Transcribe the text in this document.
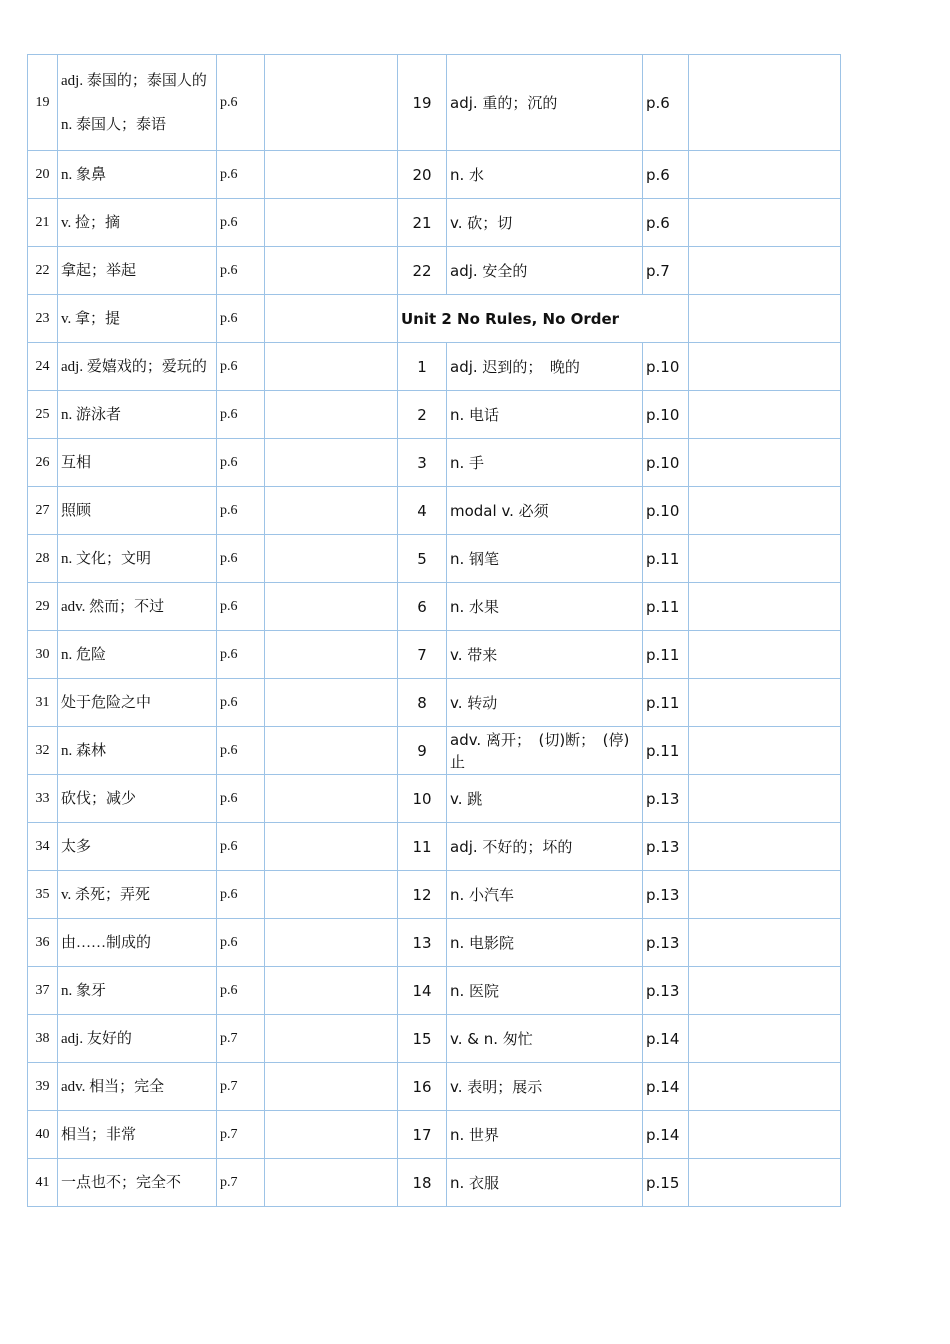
19	adj. 泰国的；泰国人的

n. 泰国人；泰语	p.6		19	adj. 重的；沉的	p.6	
20	n. 象鼻	p.6		20	n. 水	p.6	
21	v. 捡；摘	p.6		21	v. 砍；切	p.6	
22	拿起；举起	p.6		22	adj. 安全的	p.7	
23	v. 拿；提	p.6		Unit 2 No Rules, No Order			
24	adj. 爱嬉戏的；爱玩的	p.6		1	adj. 迟到的；　晚的	p.10	
25	n. 游泳者	p.6		2	n. 电话	p.10	
26	互相	p.6		3	n. 手	p.10	
27	照顾	p.6		4	modal v. 必须	p.10	
28	n. 文化；文明	p.6		5	n. 钢笔	p.11	
29	adv. 然而；不过	p.6		6	n. 水果	p.11	
30	n. 危险	p.6		7	v. 带来	p.11	
31	处于危险之中	p.6		8	v. 转动	p.11	
32	n. 森林	p.6		9	adv. 离开；　(切)断；　(停)止	p.11	
33	砍伐；减少	p.6		10	v. 跳	p.13	
34	太多	p.6		11	adj. 不好的；坏的	p.13	
35	v. 杀死；弄死	p.6		12	n. 小汽车	p.13	
36	由……制成的	p.6		13	n. 电影院	p.13	
37	n. 象牙	p.6		14	n. 医院	p.13	
38	adj. 友好的	p.7		15	v. & n. 匆忙	p.14	
39	adv. 相当；完全	p.7		16	v. 表明；展示	p.14	
40	相当；非常	p.7		17	n. 世界	p.14	
41	一点也不；完全不	p.7		18	n. 衣服	p.15	
